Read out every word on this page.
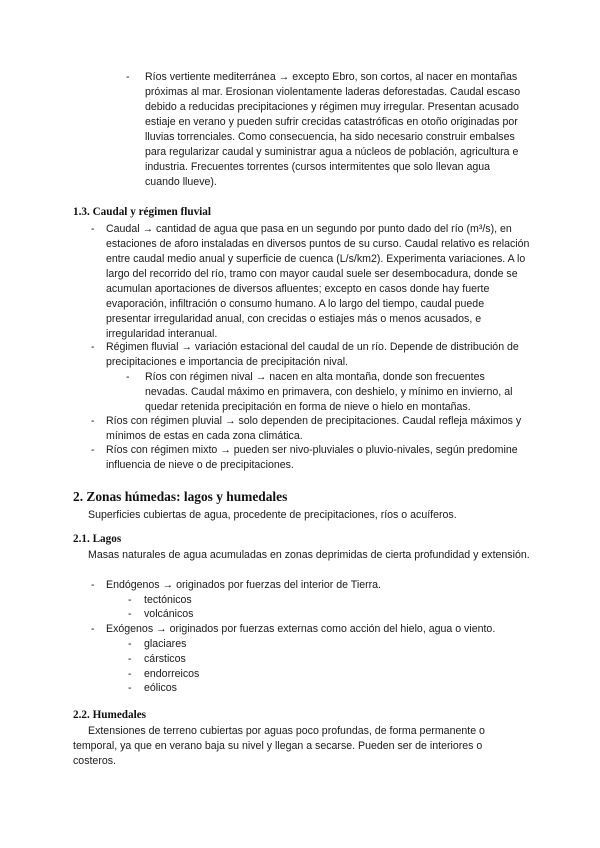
-	Ríos vertiente mediterránea → excepto Ebro, son cortos, al nacer en montañas próximas al mar. Erosionan violentamente laderas deforestadas. Caudal escaso debido a reducidas precipitaciones y régimen muy irregular. Presentan acusado estiaje en verano y pueden sufrir crecidas catastróficas en otoño originadas por lluvias torrenciales. Como consecuencia, ha sido necesario construir embalses para regularizar caudal y suministrar agua a núcleos de población, agricultura e industria. Frecuentes torrentes (cursos intermitentes que solo llevan agua cuando llueve).

1.3. Caudal y régimen fluvial
-	Caudal → cantidad de agua que pasa en un segundo por punto dado del río (m³/s), en estaciones de aforo instaladas en diversos puntos de su curso. Caudal relativo es relación entre caudal medio anual y superficie de cuenca (L/s/km2). Experimenta variaciones. A lo largo del recorrido del río, tramo con mayor caudal suele ser desembocadura, donde se acumulan aportaciones de diversos afluentes; excepto en casos donde hay fuerte evaporación, infiltración o consumo humano. A lo largo del tiempo, caudal puede presentar irregularidad anual, con crecidas o estiajes más o menos acusados, e irregularidad interanual.

-	Régimen fluvial → variación estacional del caudal de un río. Depende de distribución de precipitaciones e importancia de precipitación nival.

-	Ríos con régimen nival → nacen en alta montaña, donde son frecuentes nevadas. Caudal máximo en primavera, con deshielo, y mínimo en invierno, al quedar retenida precipitación en forma de nieve o hielo en montañas.

-	Ríos con régimen pluvial → solo dependen de precipitaciones. Caudal refleja máximos y mínimos de estas en cada zona climática.

-	Ríos con régimen mixto → pueden ser nivo-pluviales o pluvio-nivales, según predomine influencia de nieve o de precipitaciones.

2. Zonas húmedas: lagos y humedales

Superficies cubiertas de agua, procedente de precipitaciones, ríos o acuíferos.

2.1. Lagos

Masas naturales de agua acumuladas en zonas deprimidas de cierta profundidad y extensión.

-	Endógenos → originados por fuerzas del interior de Tierra.

-	tectónicos

-	volcánicos

-	Exógenos → originados por fuerzas externas como acción del hielo, agua o viento.

-	glaciares

-	cársticos

-	endorreicos

-	eólicos

2.2. Humedales

Extensiones de terreno cubiertas por aguas poco profundas, de forma permanente o temporal, ya que en verano baja su nivel y llegan a secarse. Pueden ser de interiores o costeros.
